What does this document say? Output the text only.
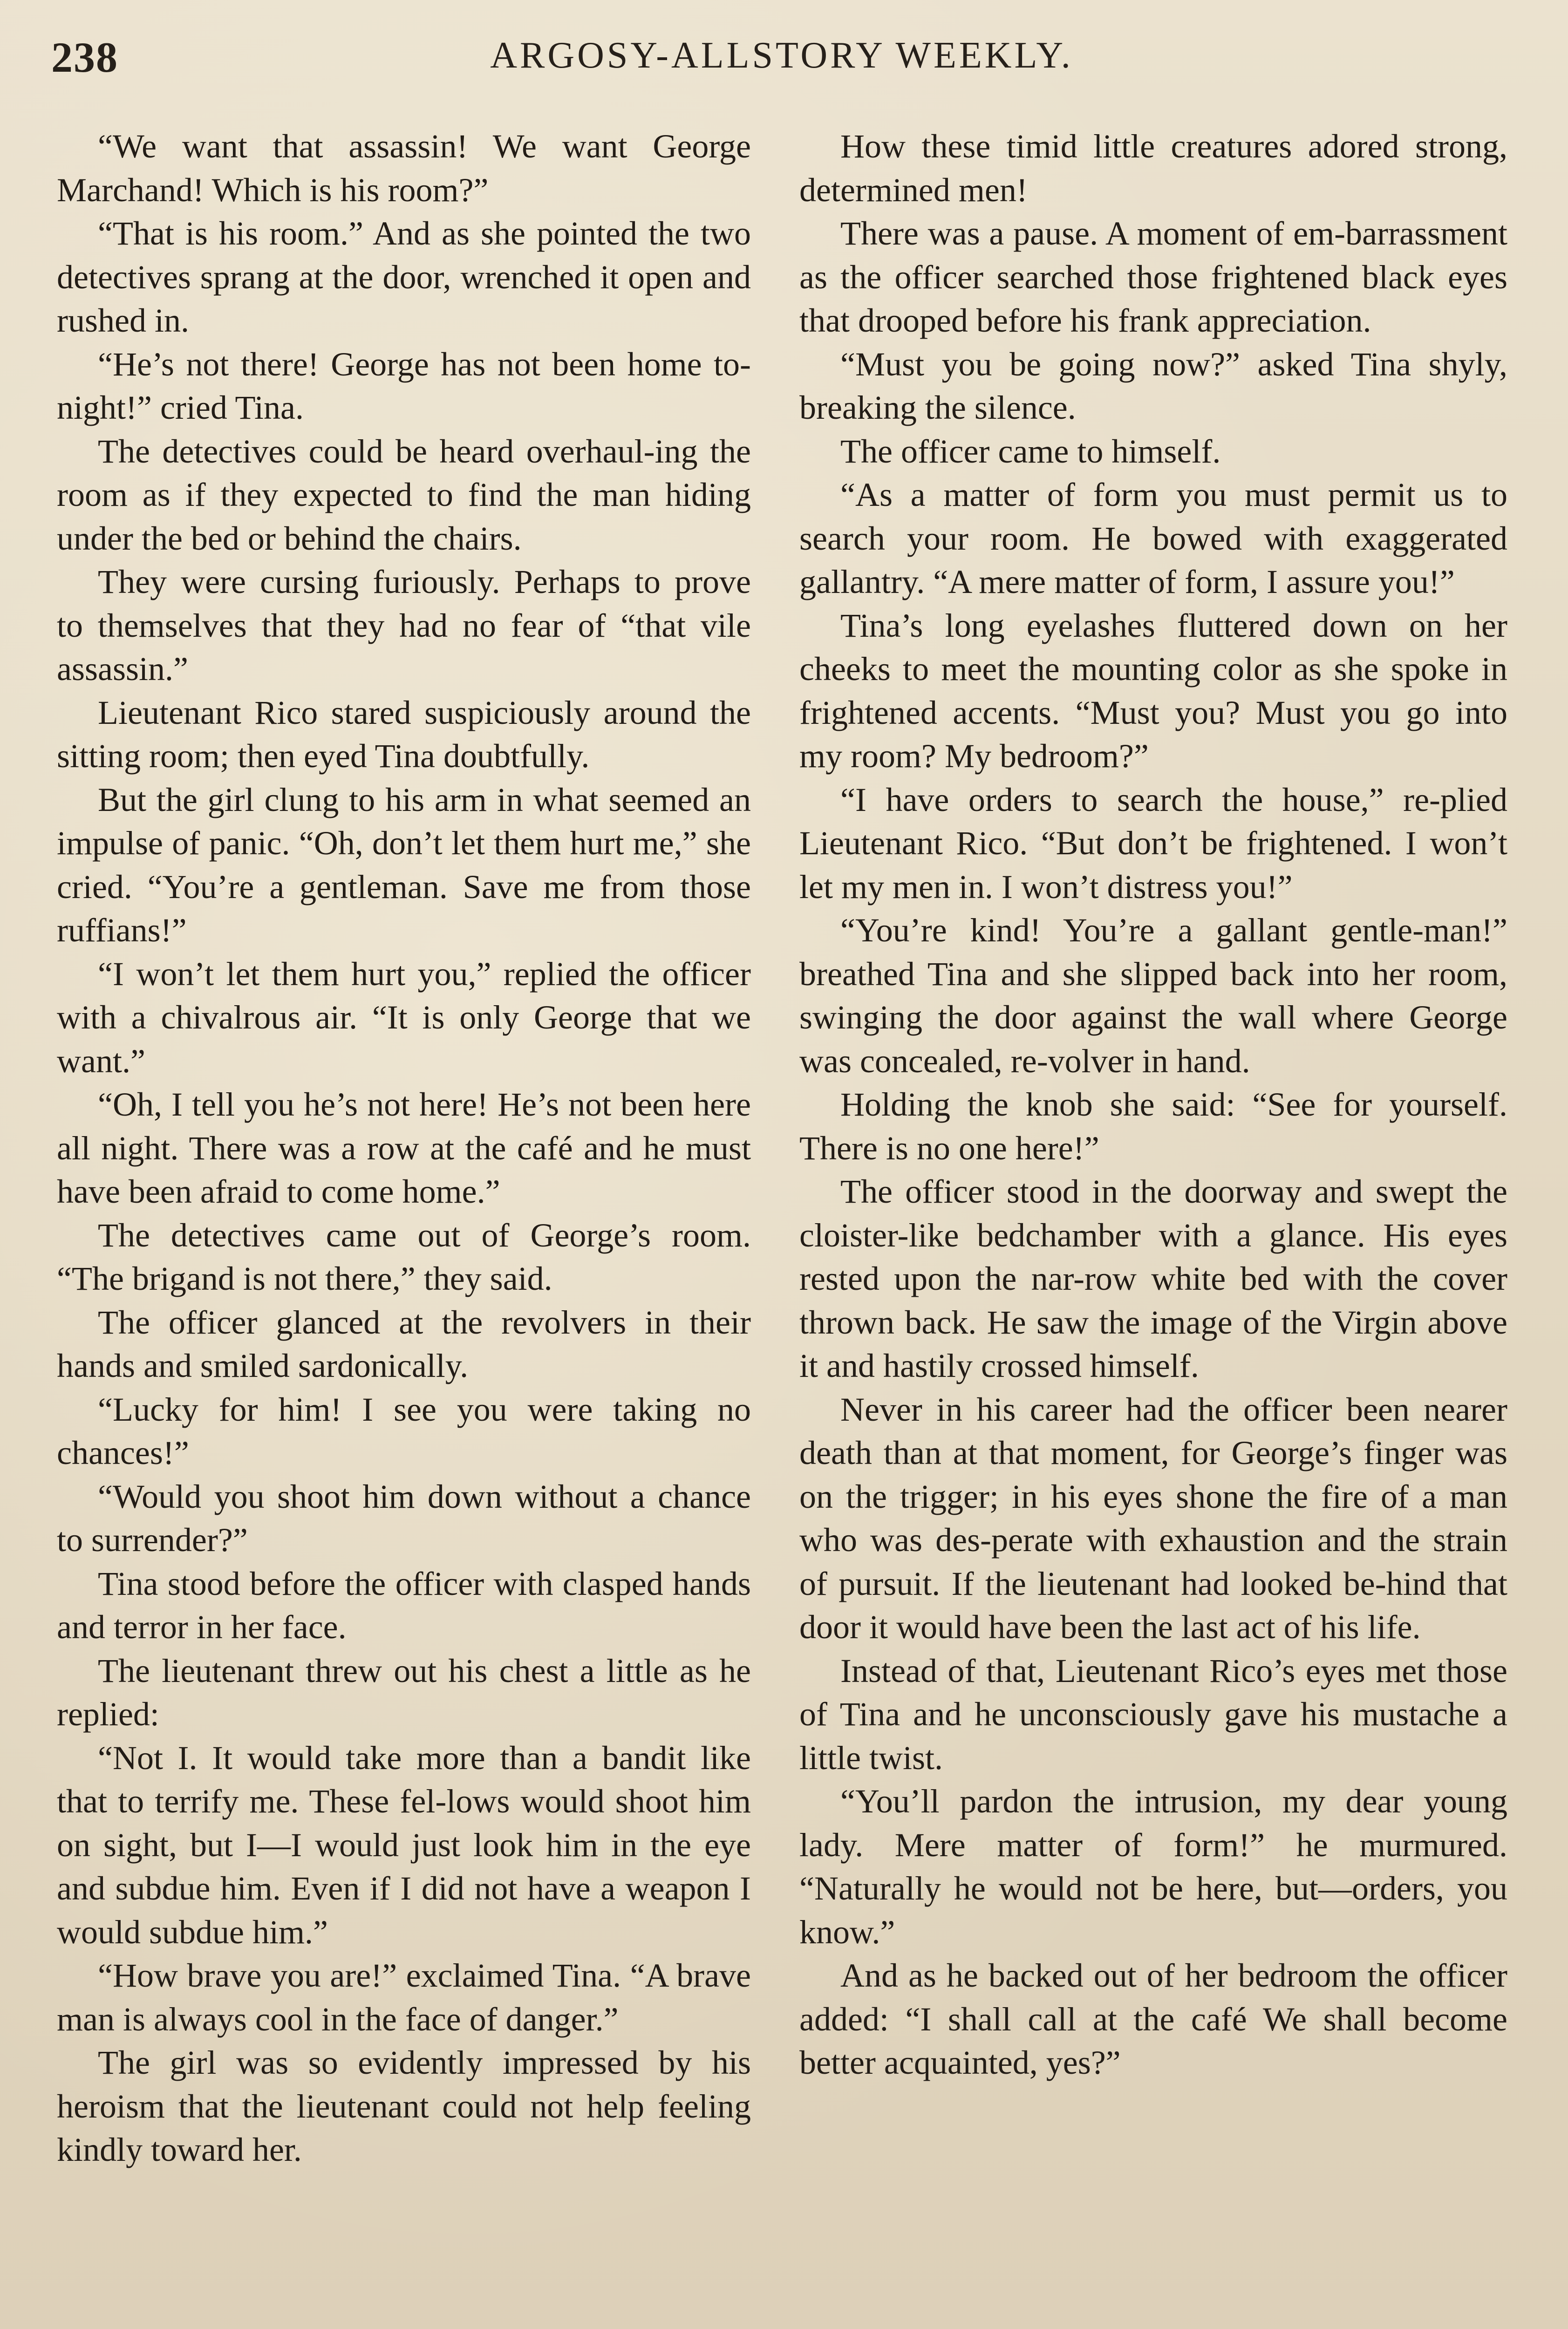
238	ARGOSY-ALLSTORY WEEKLY.

“We want that assassin! We want George Marchand! Which is his room?”

“That is his room.” And as she pointed the two detectives sprang at the door, wrenched it open and rushed in.

“He’s not there! George has not been home to-night!” cried Tina.

The detectives could be heard overhaul-ing the room as if they expected to find the man hiding under the bed or behind the chairs.

They were cursing furiously. Perhaps to prove to themselves that they had no fear of “that vile assassin.”

Lieutenant Rico stared suspiciously around the sitting room; then eyed Tina doubtfully.

But the girl clung to his arm in what seemed an impulse of panic. “Oh, don’t let them hurt me,” she cried. “You’re a gentleman. Save me from those ruffians!”

“I won’t let them hurt you,” replied the officer with a chivalrous air. “It is only George that we want.”

“Oh, I tell you he’s not here! He’s not been here all night. There was a row at the café and he must have been afraid to come home.”

The detectives came out of George’s room. “The brigand is not there,” they said.

The officer glanced at the revolvers in their hands and smiled sardonically.

“Lucky for him! I see you were taking no chances!”

“Would you shoot him down without a chance to surrender?”

Tina stood before the officer with clasped hands and terror in her face.

The lieutenant threw out his chest a little as he replied:

“Not I. It would take more than a bandit like that to terrify me. These fel-lows would shoot him on sight, but I—I would just look him in the eye and subdue him. Even if I did not have a weapon I would subdue him.”

“How brave you are!” exclaimed Tina. “A brave man is always cool in the face of danger.”

The girl was so evidently impressed by his heroism that the lieutenant could not help feeling kindly toward her.

How these timid little creatures adored strong, determined men!

There was a pause. A moment of em-barrassment as the officer searched those frightened black eyes that drooped before his frank appreciation.

“Must you be going now?” asked Tina shyly, breaking the silence.

The officer came to himself.

“As a matter of form you must permit us to search your room. He bowed with exaggerated gallantry. “A mere matter of form, I assure you!”

Tina’s long eyelashes fluttered down on her cheeks to meet the mounting color as she spoke in frightened accents. “Must you? Must you go into my room? My bedroom?”

“I have orders to search the house,” re-plied Lieutenant Rico. “But don’t be frightened. I won’t let my men in. I won’t distress you!”

“You’re kind! You’re a gallant gentle-man!” breathed Tina and she slipped back into her room, swinging the door against the wall where George was concealed, re-volver in hand.

Holding the knob she said: “See for yourself. There is no one here!”

The officer stood in the doorway and swept the cloister-like bedchamber with a glance. His eyes rested upon the nar-row white bed with the cover thrown back. He saw the image of the Virgin above it and hastily crossed himself.

Never in his career had the officer been nearer death than at that moment, for George’s finger was on the trigger; in his eyes shone the fire of a man who was des-perate with exhaustion and the strain of pursuit. If the lieutenant had looked be-hind that door it would have been the last act of his life.

Instead of that, Lieutenant Rico’s eyes met those of Tina and he unconsciously gave his mustache a little twist.

“You’ll pardon the intrusion, my dear young lady. Mere matter of form!” he murmured. “Naturally he would not be here, but—orders, you know.”

And as he backed out of her bedroom the officer added: “I shall call at the café We shall become better acquainted, yes?”
